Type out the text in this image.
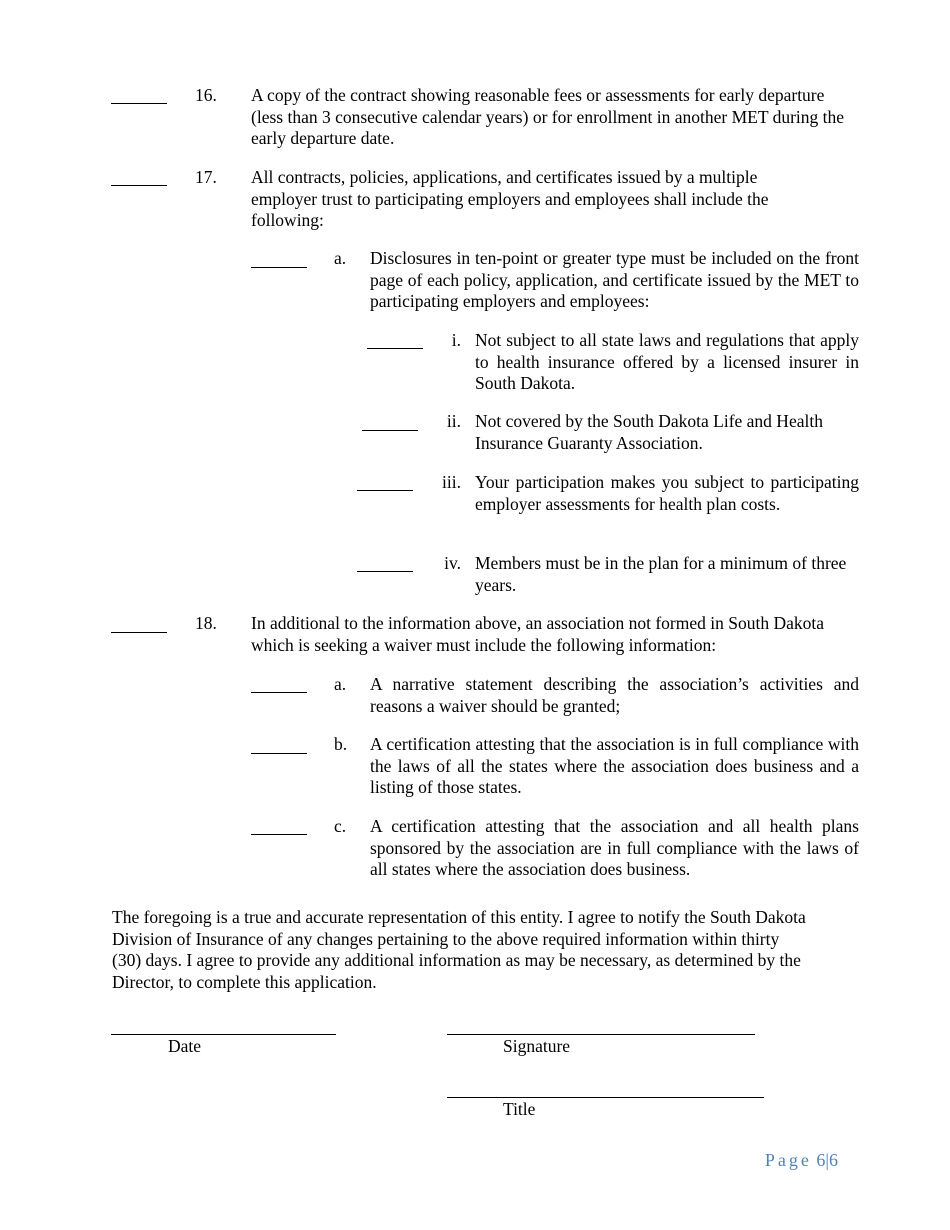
16. A copy of the contract showing reasonable fees or assessments for early departure (less than 3 consecutive calendar years) or for enrollment in another MET during the early departure date.
17. All contracts, policies, applications, and certificates issued by a multiple employer trust to participating employers and employees shall include the following:
a. Disclosures in ten-point or greater type must be included on the front page of each policy, application, and certificate issued by the MET to participating employers and employees:
i. Not subject to all state laws and regulations that apply to health insurance offered by a licensed insurer in South Dakota.
ii. Not covered by the South Dakota Life and Health Insurance Guaranty Association.
iii. Your participation makes you subject to participating employer assessments for health plan costs.
iv. Members must be in the plan for a minimum of three years.
18. In additional to the information above, an association not formed in South Dakota which is seeking a waiver must include the following information:
a. A narrative statement describing the association’s activities and reasons a waiver should be granted;
b. A certification attesting that the association is in full compliance with the laws of all the states where the association does business and a listing of those states.
c. A certification attesting that the association and all health plans sponsored by the association are in full compliance with the laws of all states where the association does business.
The foregoing is a true and accurate representation of this entity. I agree to notify the South Dakota Division of Insurance of any changes pertaining to the above required information within thirty (30) days. I agree to provide any additional information as may be necessary, as determined by the Director, to complete this application.
Date	Signature
Title
Page 6|6
